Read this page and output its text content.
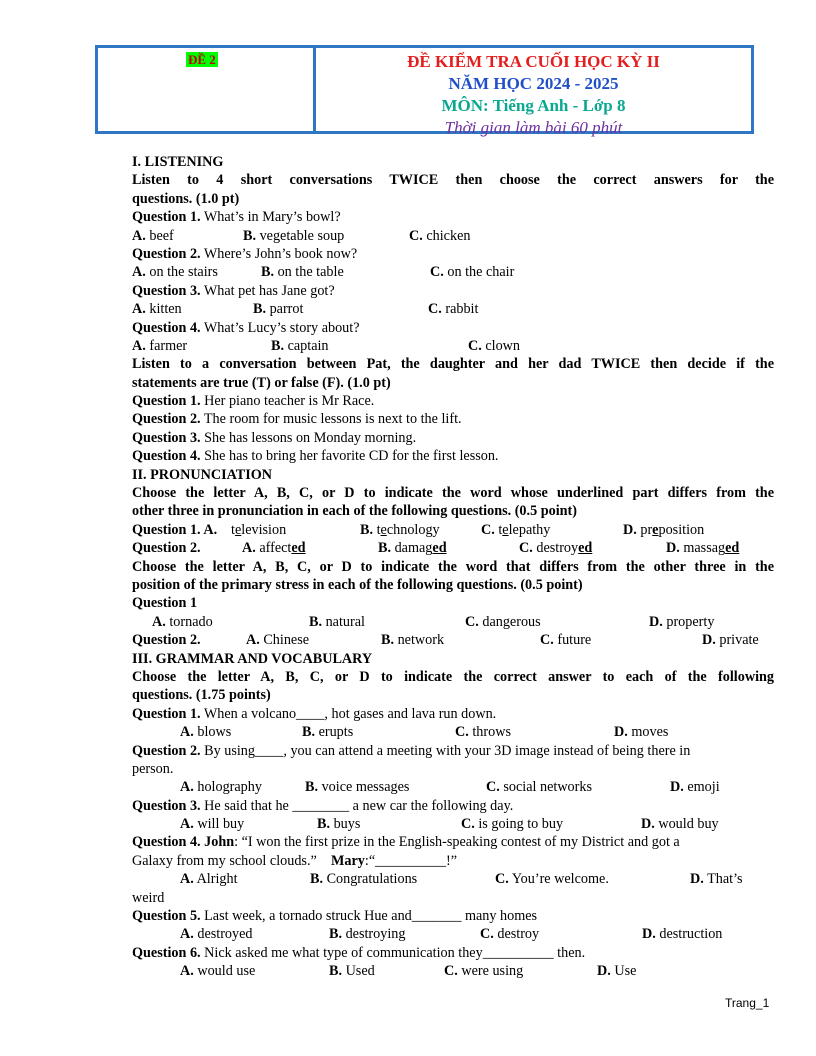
ĐỀ 2	ĐỀ KIỂM TRA CUỐI HỌC KỲ II
NĂM HỌC 2024 - 2025
MÔN: Tiếng Anh - Lớp 8
Thời gian làm bài 60 phút
I. LISTENING
Listen to 4 short conversations TWICE then choose the correct answers for the
questions. (1.0 pt)
Question 1. What’s in Mary’s bowl?
A. beef	B. vegetable soup	C. chicken
Question 2. Where’s John’s book now?
A. on the stairs	B. on the table	C. on the chair
Question 3. What pet has Jane got?
A. kitten	B. parrot	C. rabbit
Question 4. What’s Lucy’s story about?
A. farmer	B. captain	C. clown
Listen to a conversation between Pat, the daughter and her dad TWICE then decide if the
statements are true (T) or false (F). (1.0 pt)
Question 1. Her piano teacher is Mr Race.
Question 2. The room for music lessons is next to the lift.
Question 3. She has lessons on Monday morning.
Question 4. She has to bring her favorite CD for the first lesson.
II. PRONUNCIATION
Choose the letter A, B, C, or D to indicate the word whose underlined part differs from the
other three in pronunciation in each of the following questions. (0.5 point)
Question 1. A. television	B. technology	C. telepathy	D. preposition
Question 2.	A. affected	B. damaged	C. destroyed	D. massaged
Choose the letter A, B, C, or D to indicate the word that differs from the other three in the
position of the primary stress in each of the following questions. (0.5 point)
Question 1
A. tornado	B. natural	C. dangerous	D. property
Question 2.	A. Chinese	B. network	C. future	D. private
III. GRAMMAR AND VOCABULARY
Choose the letter A, B, C, or D to indicate the correct answer to each of the following
questions. (1.75 points)
Question 1. When a volcano____, hot gases and lava run down.
A. blows	B. erupts	C. throws	D. moves
Question 2. By using____, you can attend a meeting with your 3D image instead of being there in
person.
A. holography	B. voice messages	C. social networks	D. emoji
Question 3. He said that he ________ a new car the following day.
A. will buy	B. buys	C. is going to buy	D. would buy
Question 4. John: “I won the first prize in the English-speaking contest of my District and got a
Galaxy from my school clouds.” Mary:“__________!”
A. Alright	B. Congratulations	C. You’re welcome.	D. That’s
weird
Question 5. Last week, a tornado struck Hue and_______ many homes
A. destroyed	B. destroying	C. destroy	D. destruction
Question 6. Nick asked me what type of communication they__________ then.
A. would use	B. Used	C. were using	D. Use
Trang_1
